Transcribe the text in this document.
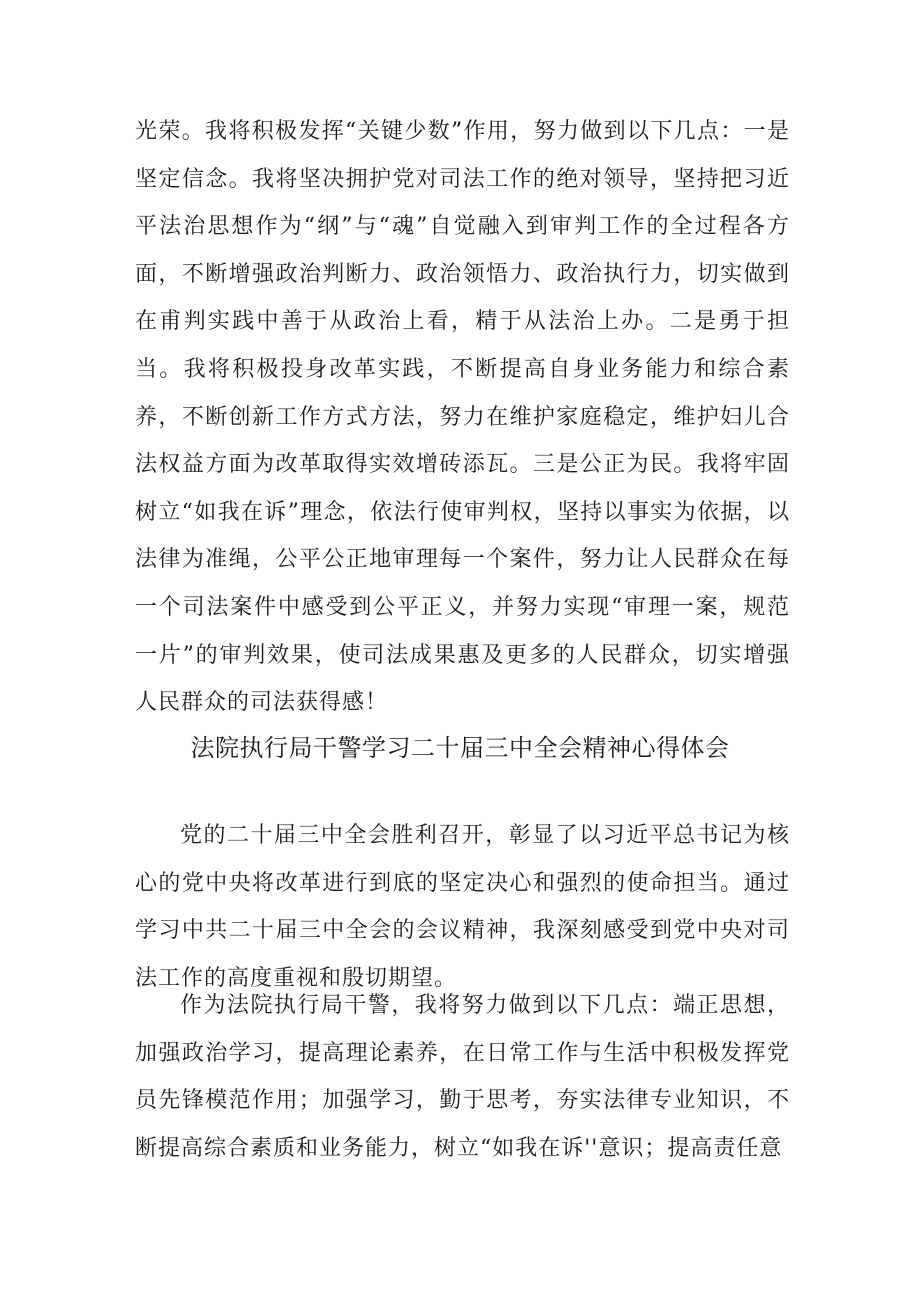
光荣。我将积极发挥“关键少数”作用，努力做到以下几点：一是坚定信念。我将坚决拥护党对司法工作的绝对领导，坚持把习近平法治思想作为“纲”与“魂”自觉融入到审判工作的全过程各方面，不断增强政治判断力、政治领悟力、政治执行力，切实做到在甫判实践中善于从政治上看，精于从法治上办。二是勇于担当。我将积极投身改革实践，不断提高自身业务能力和综合素养，不断创新工作方式方法，努力在维护家庭稳定，维护妇儿合法权益方面为改革取得实效增砖添瓦。三是公正为民。我将牢固树立“如我在诉”理念，依法行使审判权，坚持以事实为依据，以法律为准绳，公平公正地审理每一个案件，努力让人民群众在每一个司法案件中感受到公平正义，并努力实现“审理一案，规范一片”的审判效果，使司法成果惠及更多的人民群众，切实增强人民群众的司法获得感！

法院执行局干警学习二十届三中全会精神心得体会

党的二十届三中全会胜利召开，彰显了以习近平总书记为核心的党中央将改革进行到底的坚定决心和强烈的使命担当。通过学习中共二十届三中全会的会议精神，我深刻感受到党中央对司法工作的高度重视和殷切期望。

作为法院执行局干警，我将努力做到以下几点：端正思想，加强政治学习，提高理论素养，在日常工作与生活中积极发挥党员先锋模范作用；加强学习，勤于思考，夯实法律专业知识，不断提高综合素质和业务能力，树立“如我在诉''意识；提高责任意
